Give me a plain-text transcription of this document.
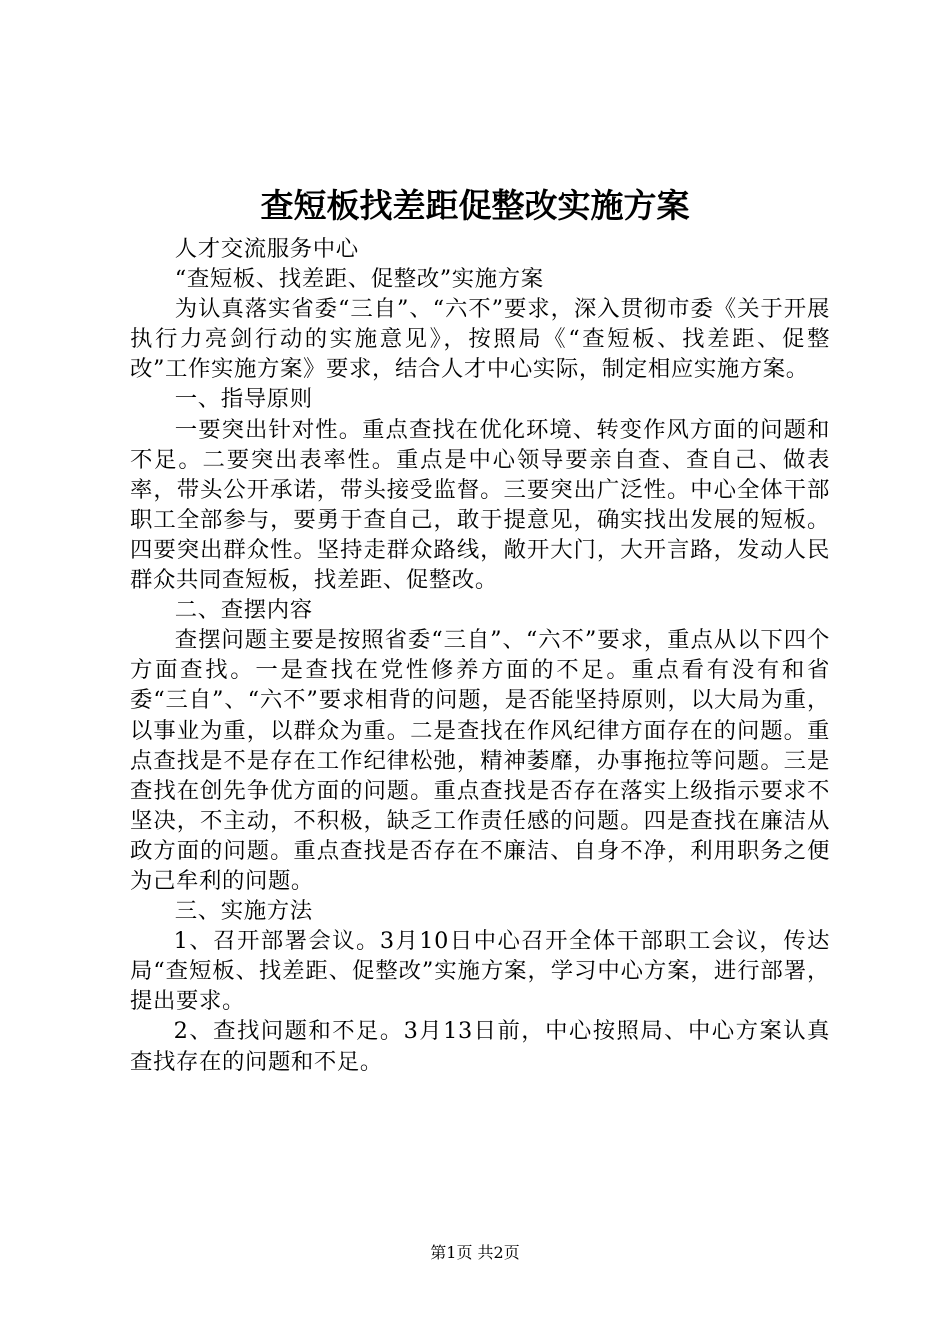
查短板找差距促整改实施方案

人才交流服务中心

“查短板、找差距、促整改”实施方案

为认真落实省委“三自”、“六不”要求，深入贯彻市委《关于开展执行力亮剑行动的实施意见》，按照局《“查短板、找差距、促整改”工作实施方案》要求，结合人才中心实际，制定相应实施方案。

一、指导原则

一要突出针对性。重点查找在优化环境、转变作风方面的问题和不足。二要突出表率性。重点是中心领导要亲自查、查自己、做表率，带头公开承诺，带头接受监督。三要突出广泛性。中心全体干部职工全部参与，要勇于查自己，敢于提意见，确实找出发展的短板。四要突出群众性。坚持走群众路线，敞开大门，大开言路，发动人民群众共同查短板，找差距、促整改。

二、查摆内容

查摆问题主要是按照省委“三自”、“六不”要求，重点从以下四个方面查找。一是查找在党性修养方面的不足。重点看有没有和省委“三自”、“六不”要求相背的问题，是否能坚持原则，以大局为重，以事业为重，以群众为重。二是查找在作风纪律方面存在的问题。重点查找是不是存在工作纪律松弛，精神萎靡，办事拖拉等问题。三是查找在创先争优方面的问题。重点查找是否存在落实上级指示要求不坚决，不主动，不积极，缺乏工作责任感的问题。四是查找在廉洁从政方面的问题。重点查找是否存在不廉洁、自身不净，利用职务之便为己牟利的问题。

三、实施方法

1、召开部署会议。3月10日中心召开全体干部职工会议，传达局“查短板、找差距、促整改”实施方案，学习中心方案，进行部署，提出要求。

2、查找问题和不足。3月13日前，中心按照局、中心方案认真查找存在的问题和不足。

第1页 共2页
